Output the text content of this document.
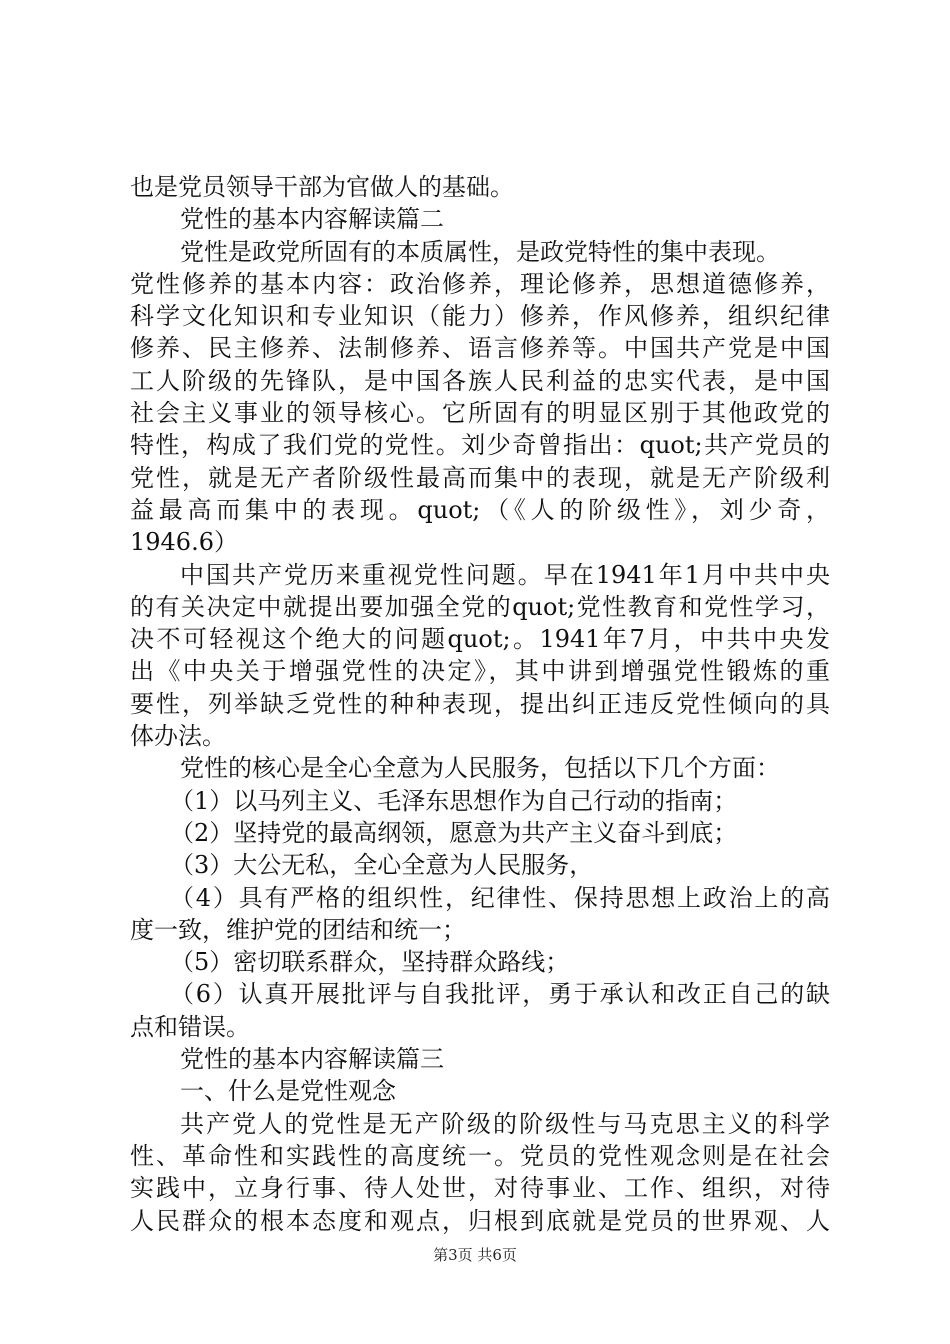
也是党员领导干部为官做人的基础。
党性的基本内容解读篇二
党性是政党所固有的本质属性，是政党特性的集中表现。
党性修养的基本内容：政治修养，理论修养，思想道德修养，
科学文化知识和专业知识（能力）修养，作风修养，组织纪律
修养、民主修养、法制修养、语言修养等。中国共产党是中国
工人阶级的先锋队，是中国各族人民利益的忠实代表，是中国
社会主义事业的领导核心。它所固有的明显区别于其他政党的
特性，构成了我们党的党性。刘少奇曾指出：quot;共产党员的
党性，就是无产者阶级性最高而集中的表现，就是无产阶级利
益最高而集中的表现。quot;（《人的阶级性》，刘少奇，
1946.6）
中国共产党历来重视党性问题。早在1941年1月中共中央
的有关决定中就提出要加强全党的quot;党性教育和党性学习，
决不可轻视这个绝大的问题quot;。1941年7月，中共中央发
出《中央关于增强党性的决定》，其中讲到增强党性锻炼的重
要性，列举缺乏党性的种种表现，提出纠正违反党性倾向的具
体办法。
党性的核心是全心全意为人民服务，包括以下几个方面：
（1）以马列主义、毛泽东思想作为自己行动的指南；
（2）坚持党的最高纲领，愿意为共产主义奋斗到底；
（3）大公无私，全心全意为人民服务，
（4）具有严格的组织性，纪律性、保持思想上政治上的高
度一致，维护党的团结和统一；
（5）密切联系群众，坚持群众路线；
（6）认真开展批评与自我批评，勇于承认和改正自己的缺
点和错误。
党性的基本内容解读篇三
一、什么是党性观念
共产党人的党性是无产阶级的阶级性与马克思主义的科学
性、革命性和实践性的高度统一。党员的党性观念则是在社会
实践中，立身行事、待人处世，对待事业、工作、组织，对待
人民群众的根本态度和观点，归根到底就是党员的世界观、人
第3页 共6页
